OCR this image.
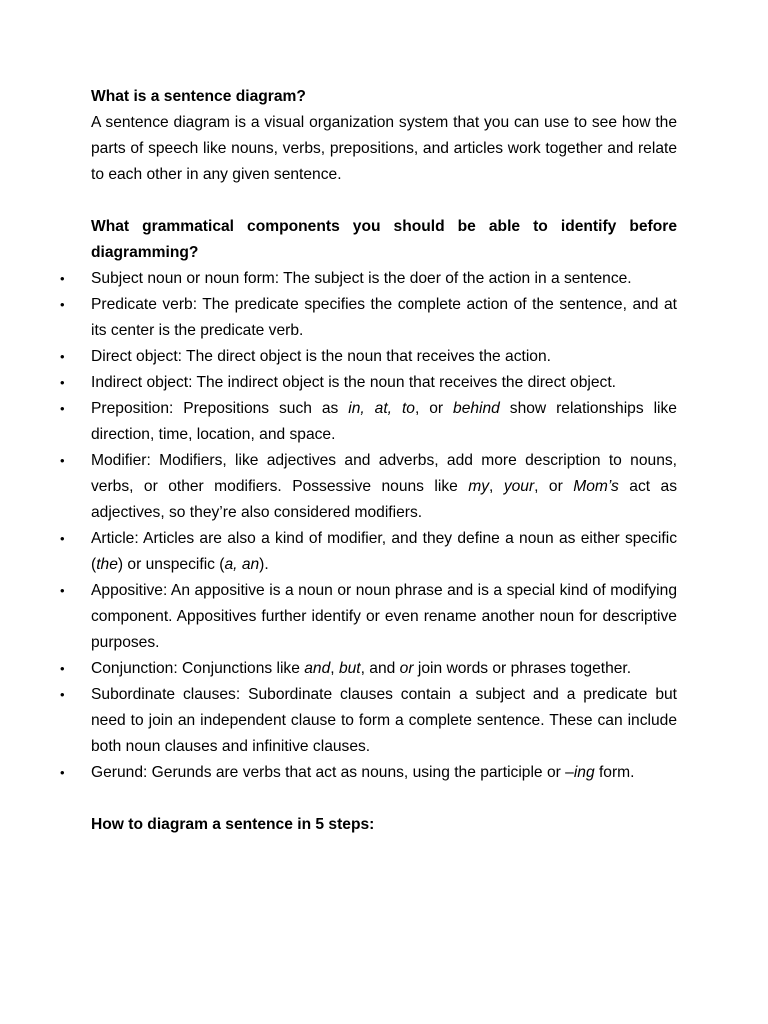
What is a sentence diagram?

A sentence diagram is a visual organization system that you can use to see how the parts of speech like nouns, verbs, prepositions, and articles work together and relate to each other in any given sentence.

What grammatical components you should be able to identify before diagramming?

•	Subject noun or noun form: The subject is the doer of the action in a sentence.
•	Predicate verb: The predicate specifies the complete action of the sentence, and at its center is the predicate verb.
•	Direct object: The direct object is the noun that receives the action.
•	Indirect object: The indirect object is the noun that receives the direct object.
•	Preposition: Prepositions such as in, at, to, or behind show relationships like direction, time, location, and space.
•	Modifier: Modifiers, like adjectives and adverbs, add more description to nouns, verbs, or other modifiers. Possessive nouns like my, your, or Mom’s act as adjectives, so they’re also considered modifiers.
•	Article: Articles are also a kind of modifier, and they define a noun as either specific (the) or unspecific (a, an).
•	Appositive: An appositive is a noun or noun phrase and is a special kind of modifying component. Appositives further identify or even rename another noun for descriptive purposes.
•	Conjunction: Conjunctions like and, but, and or join words or phrases together.
•	Subordinate clauses: Subordinate clauses contain a subject and a predicate but need to join an independent clause to form a complete sentence. These can include both noun clauses and infinitive clauses.
•	Gerund: Gerunds are verbs that act as nouns, using the participle or –ing form.

How to diagram a sentence in 5 steps:
